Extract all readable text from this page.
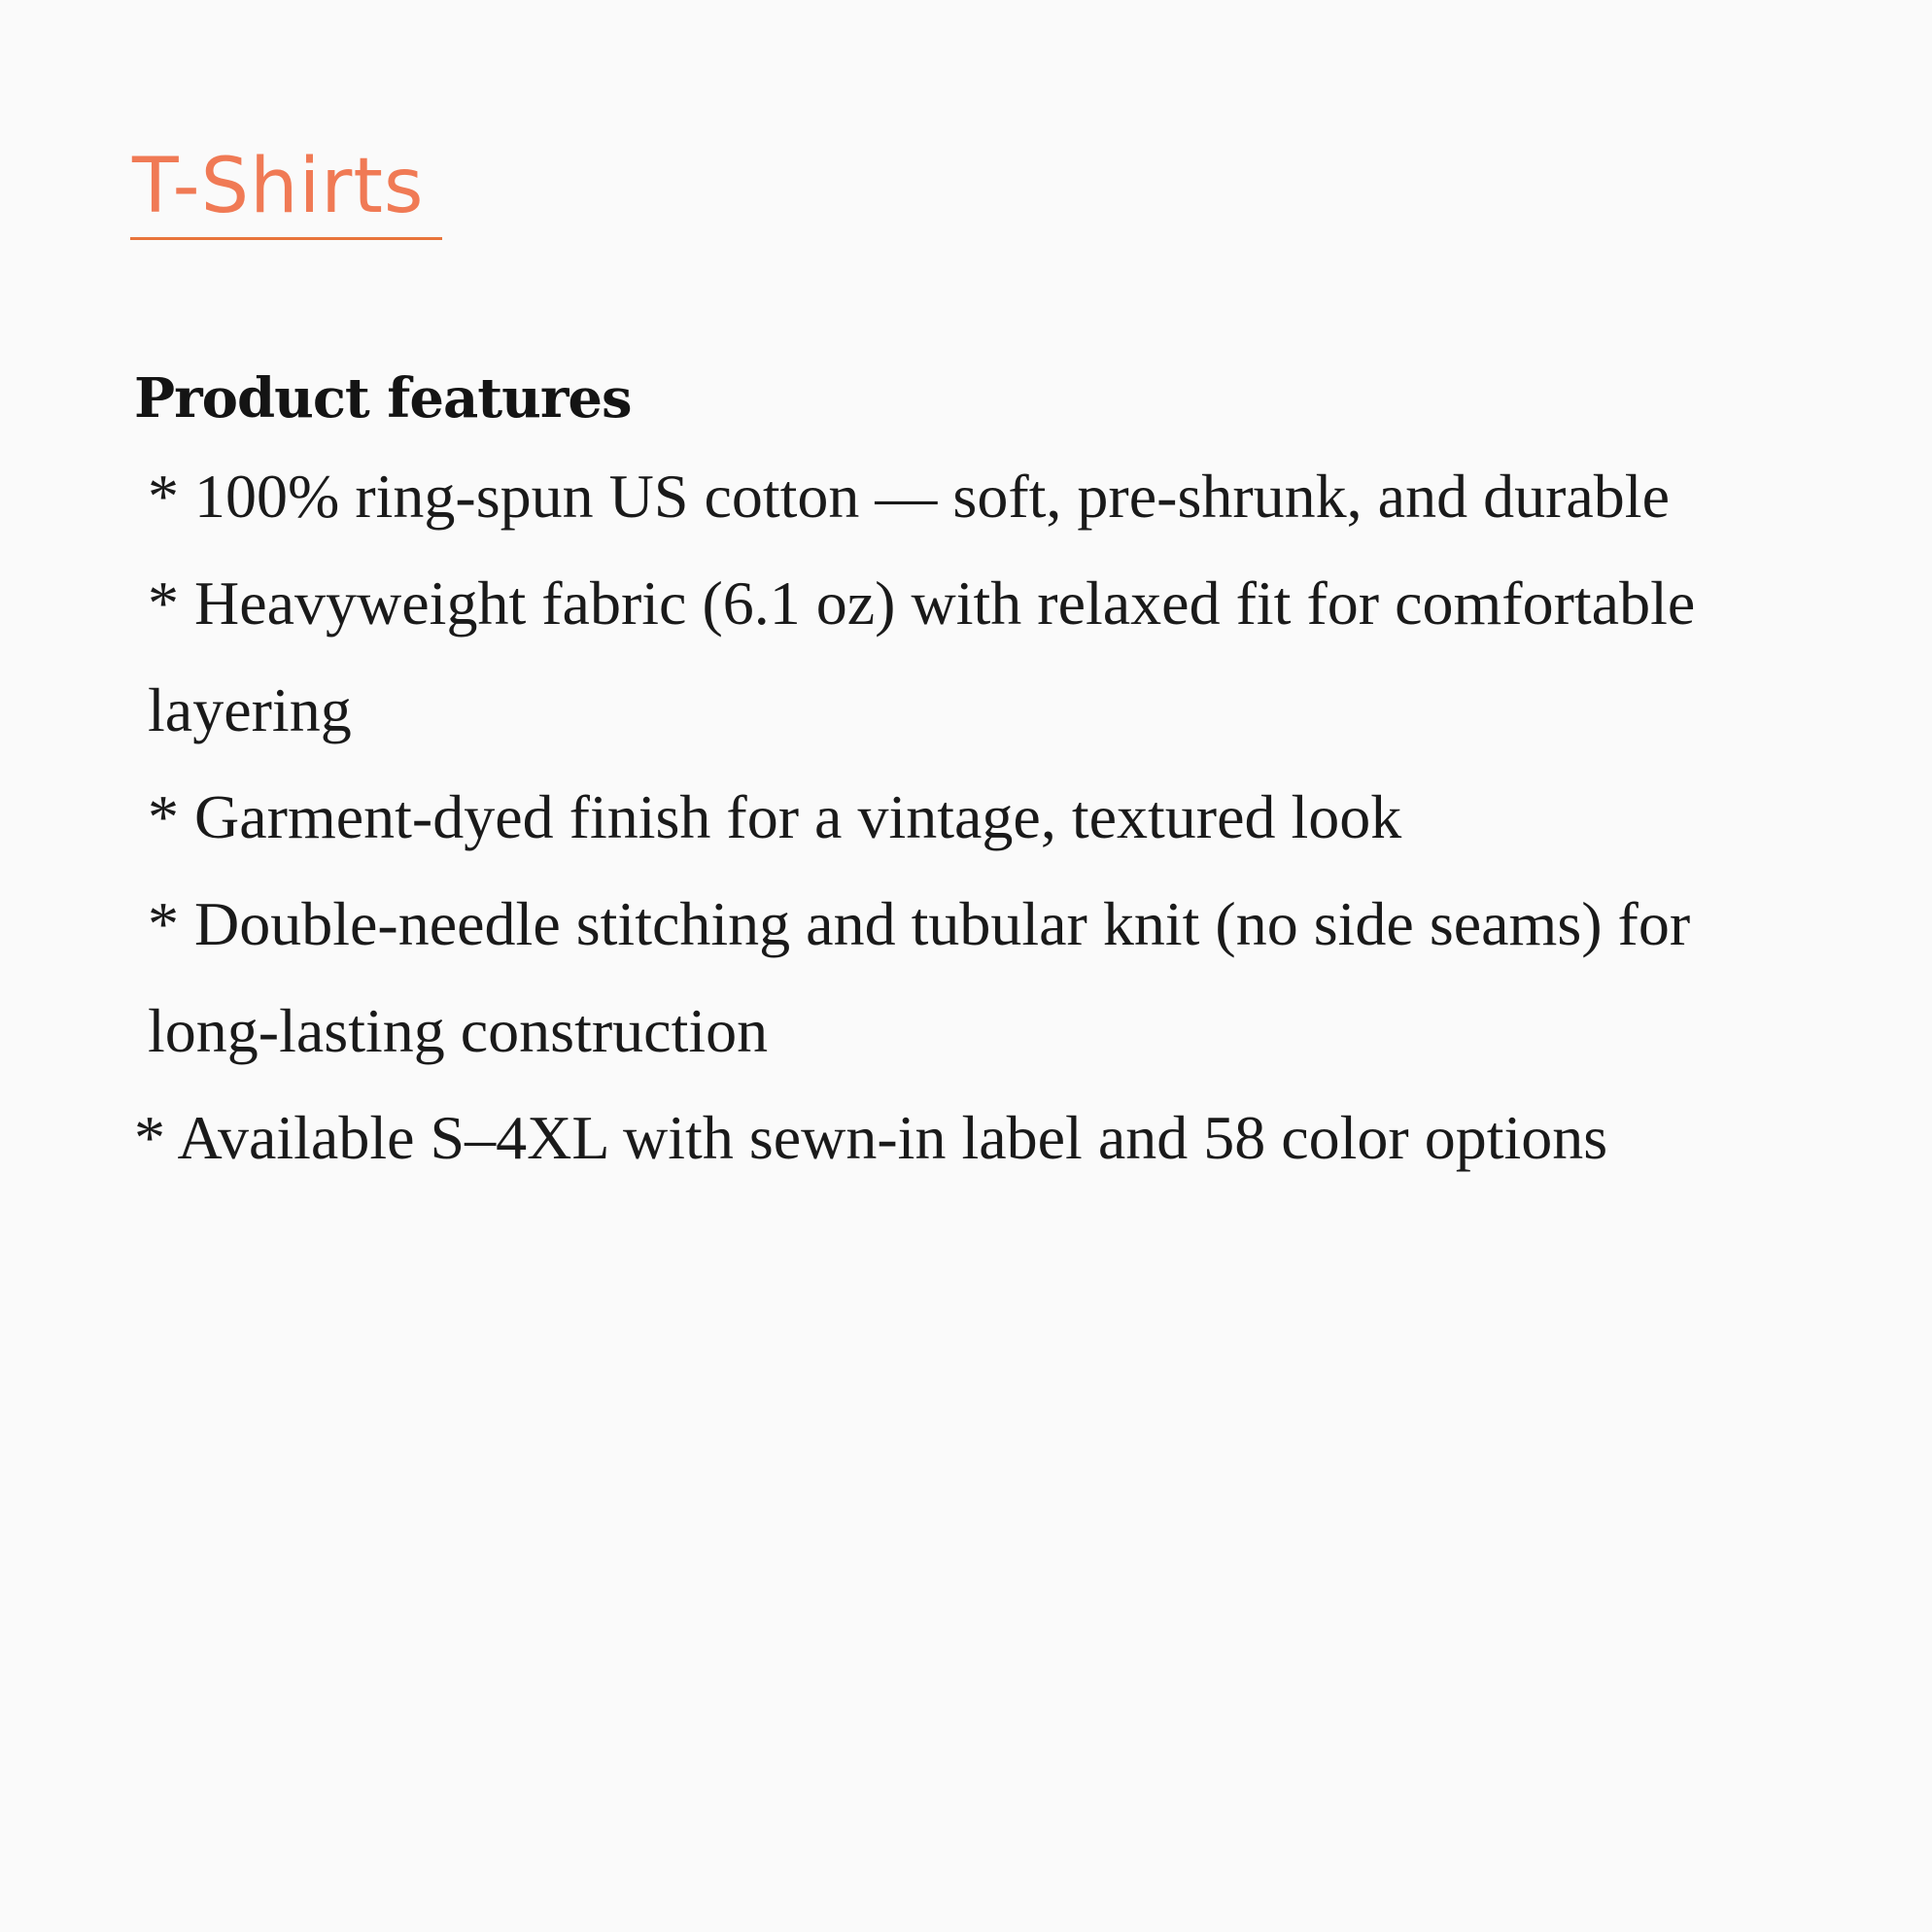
T-Shirts
Product features
* 100% ring-spun US cotton — soft, pre-shrunk, and durable
* Heavyweight fabric (6.1 oz) with relaxed fit for comfortable layering
* Garment-dyed finish for a vintage, textured look
* Double-needle stitching and tubular knit (no side seams) for long-lasting construction
* Available S–4XL with sewn-in label and 58 color options
